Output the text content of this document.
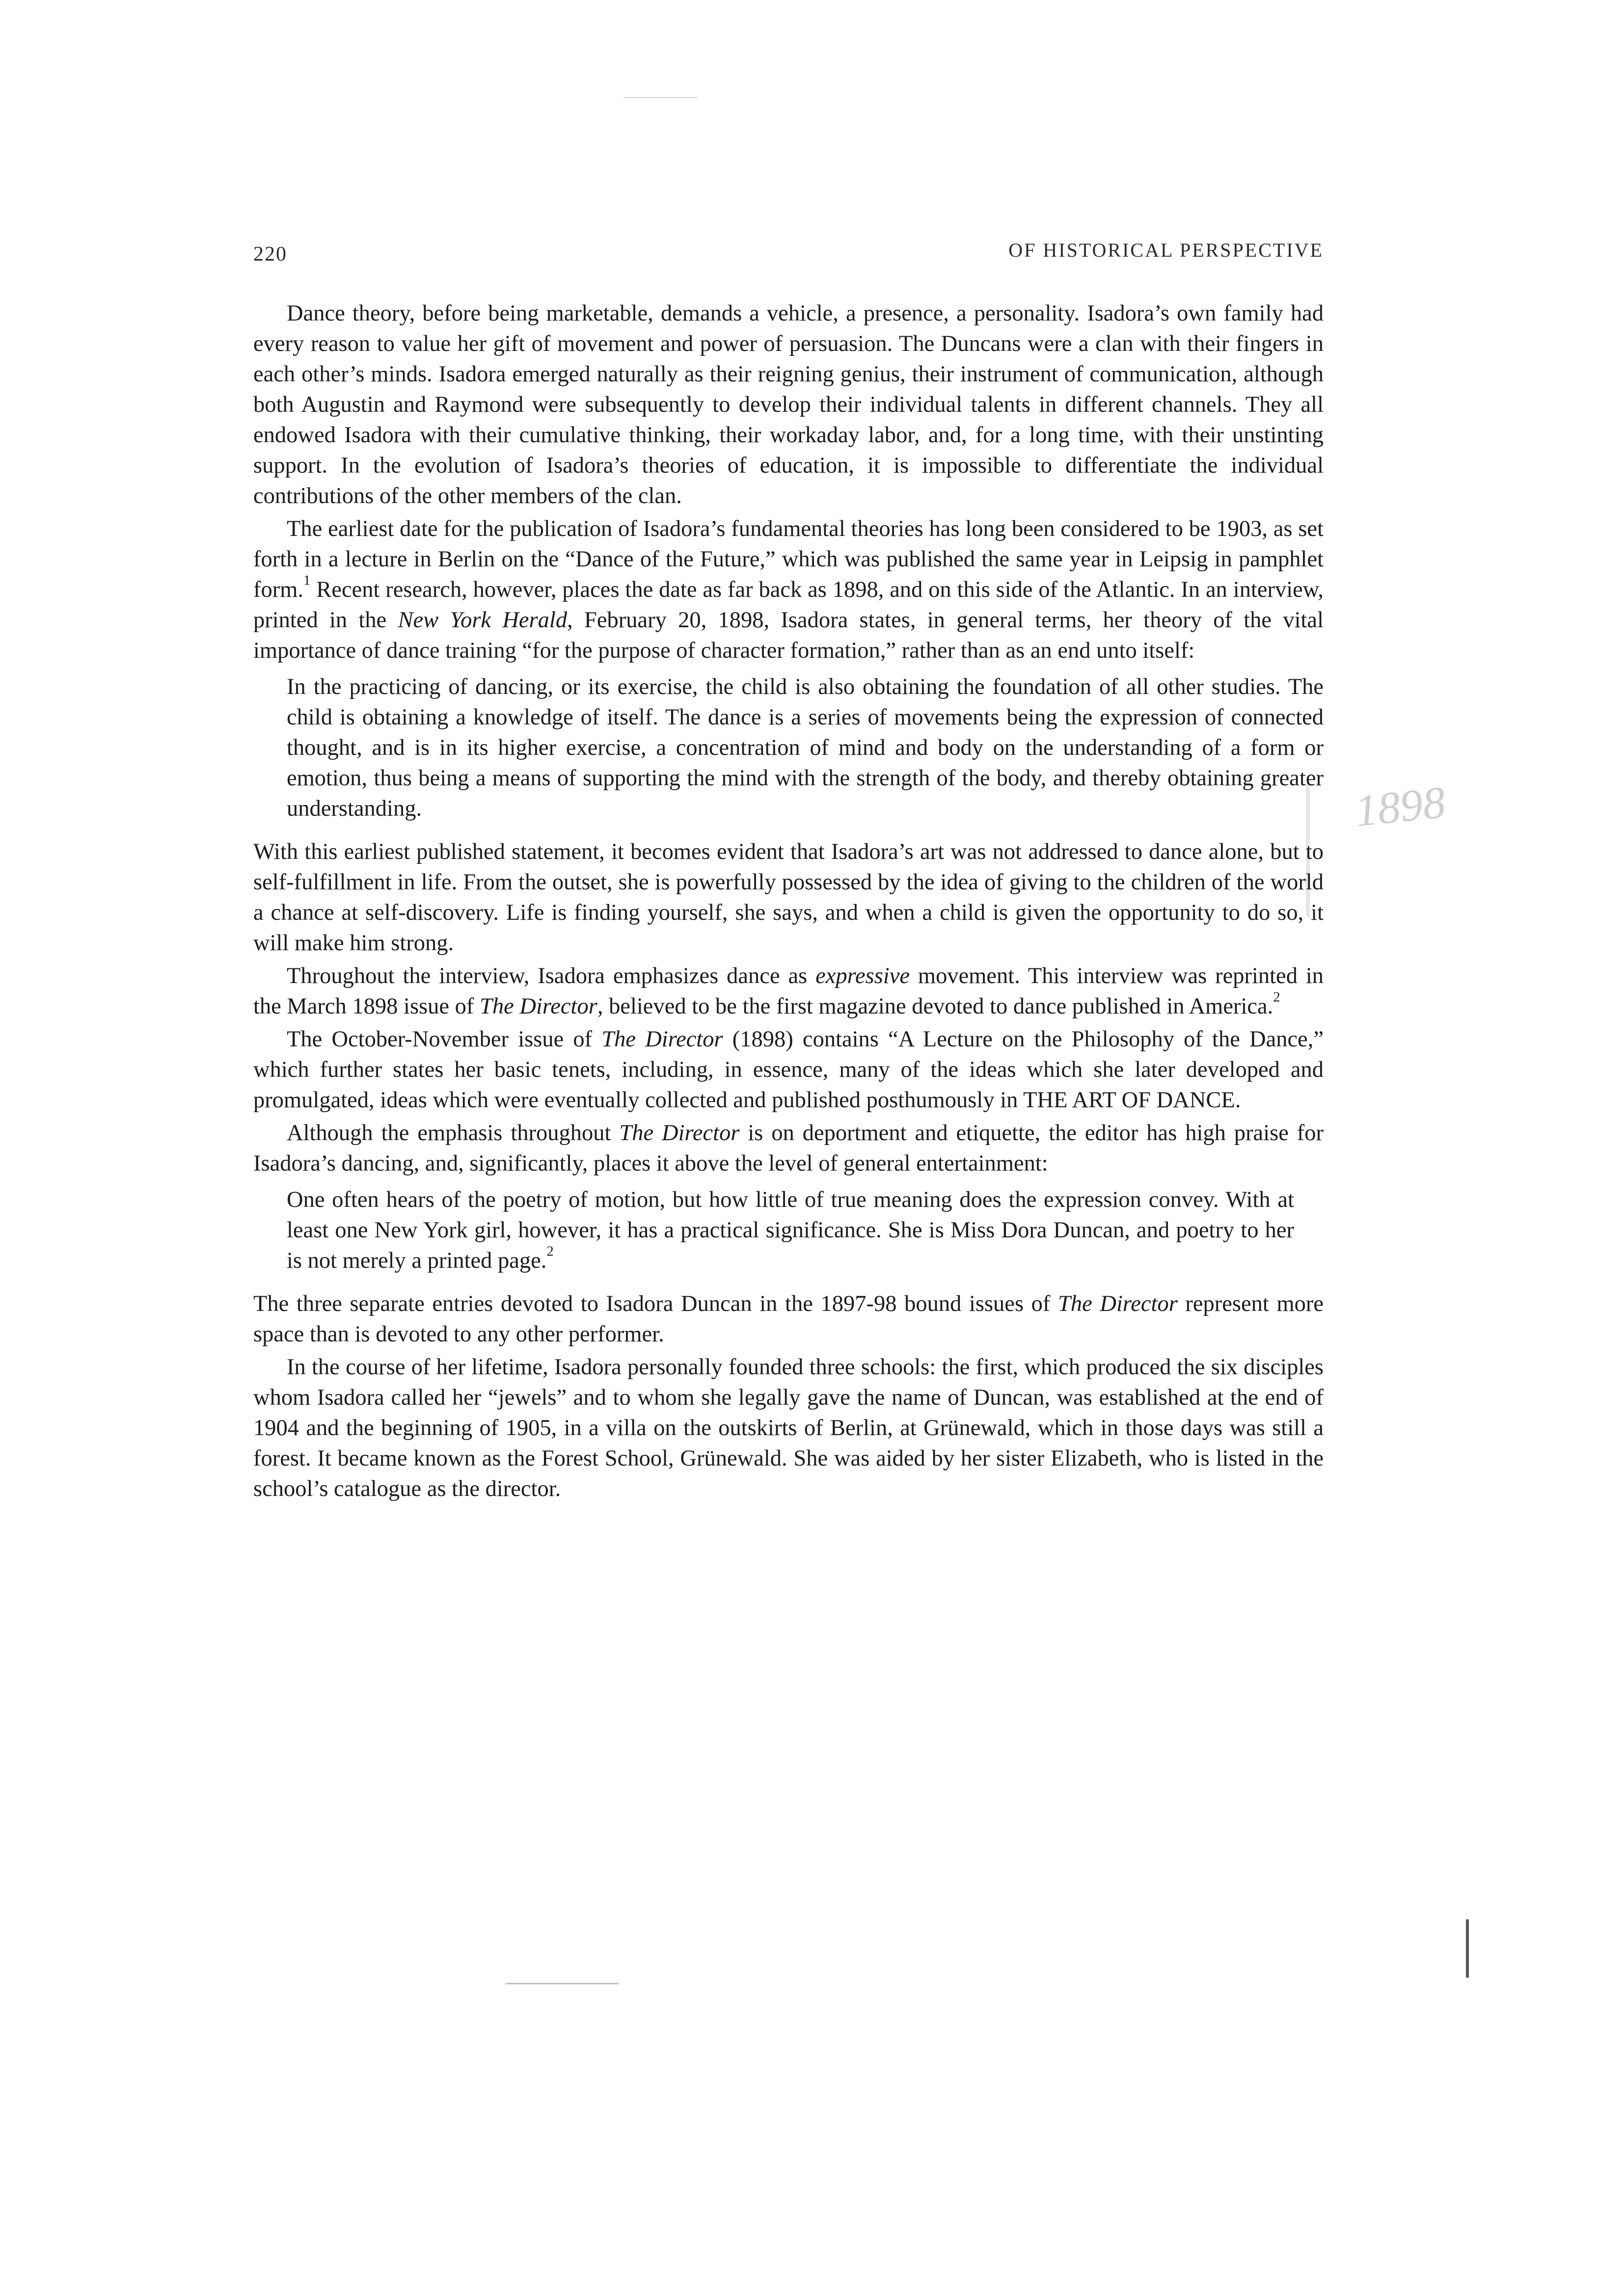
220	OF HISTORICAL PERSPECTIVE
1898

Dance theory, before being marketable, demands a vehicle, a presence, a personality. Isadora’s own family had every reason to value her gift of movement and power of persuasion. The Duncans were a clan with their fingers in each other’s minds. Isadora emerged naturally as their reigning genius, their instrument of communication, although both Augustin and Raymond were subsequently to develop their individual talents in different channels. They all endowed Isadora with their cumulative thinking, their workaday labor, and, for a long time, with their unstinting support. In the evolution of Isadora’s theories of education, it is impossible to differentiate the individual contributions of the other members of the clan.

The earliest date for the publication of Isadora’s fundamental theories has long been considered to be 1903, as set forth in a lecture in Berlin on the “Dance of the Future,” which was published the same year in Leipsig in pamphlet form.$^1$ Recent research, however, places the date as far back as 1898, and on this side of the Atlantic. In an interview, printed in the New York Herald, February 20, 1898, Isadora states, in general terms, her theory of the vital importance of dance training “for the purpose of character formation,” rather than as an end unto itself:

In the practicing of dancing, or its exercise, the child is also obtaining the foundation of all other studies. The child is obtaining a knowledge of itself. The dance is a series of movements being the expression of connected thought, and is in its higher exercise, a concentration of mind and body on the understanding of a form or emotion, thus being a means of supporting the mind with the strength of the body, and thereby obtaining greater understanding.

With this earliest published statement, it becomes evident that Isadora’s art was not addressed to dance alone, but to self-fulfillment in life. From the outset, she is powerfully possessed by the idea of giving to the children of the world a chance at self-discovery. Life is finding yourself, she says, and when a child is given the opportunity to do so, it will make him strong.

Throughout the interview, Isadora emphasizes dance as expressive movement. This interview was reprinted in the March 1898 issue of The Director, believed to be the first magazine devoted to dance published in America.$^2$

The October-November issue of The Director (1898) contains “A Lecture on the Philosophy of the Dance,” which further states her basic tenets, including, in essence, many of the ideas which she later developed and promulgated, ideas which were eventually collected and published posthumously in THE ART OF DANCE.

Although the emphasis throughout The Director is on deportment and etiquette, the editor has high praise for Isadora’s dancing, and, significantly, places it above the level of general entertainment:

One often hears of the poetry of motion, but how little of true meaning does the expression convey. With at least one New York girl, however, it has a practical significance. She is Miss Dora Duncan, and poetry to her is not merely a printed page.$^2$

The three separate entries devoted to Isadora Duncan in the 1897-98 bound issues of The Director represent more space than is devoted to any other performer.

In the course of her lifetime, Isadora personally founded three schools: the first, which produced the six disciples whom Isadora called her “jewels” and to whom she legally gave the name of Duncan, was established at the end of 1904 and the beginning of 1905, in a villa on the outskirts of Berlin, at Grünewald, which in those days was still a forest. It became known as the Forest School, Grünewald. She was aided by her sister Elizabeth, who is listed in the school’s catalogue as the director.
